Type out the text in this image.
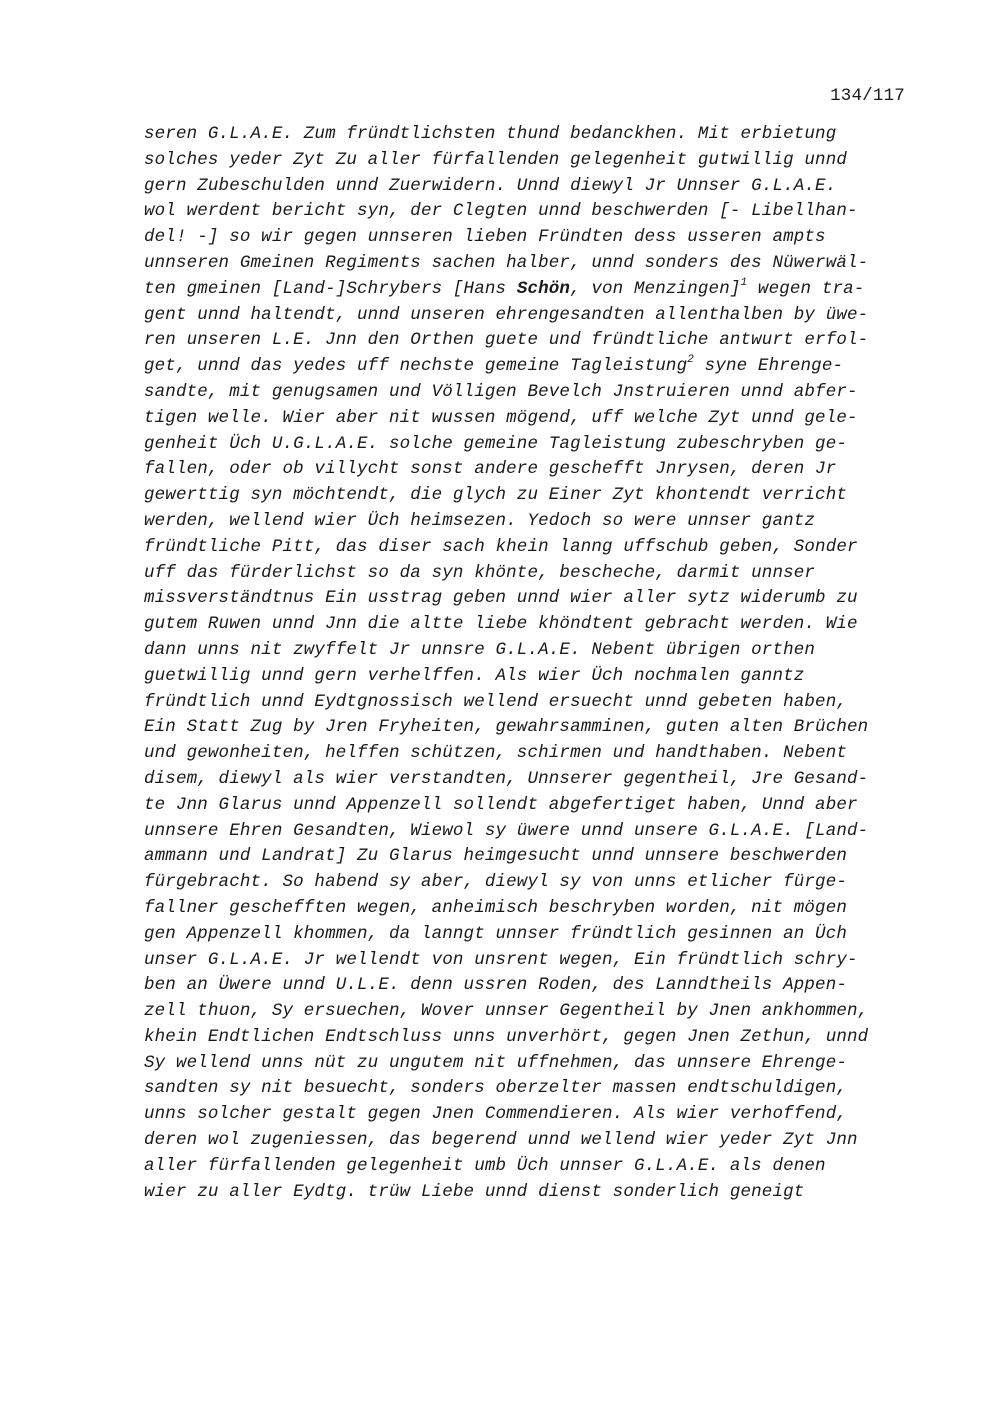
134/117
seren G.L.A.E. Zum fründtlichsten thund bedanckhen. Mit erbietung
solches yeder Zyt Zu aller fürfallenden gelegenheit gutwillig unnd
gern Zubeschulden unnd Zuerwidern. Unnd diewyl Jr Unnser G.L.A.E.
wol werdent bericht syn, der Clegten unnd beschwerden [- Libellhan-
del! -] so wir gegen unnseren lieben Fründten dess usseren ampts
unnseren Gmeinen Regiments sachen halber, unnd sonders des Nüwerwäl-
ten gmeinen [Land-]Schrybers [Hans Schön, von Menzingen]$^1$ wegen tra-
gent unnd haltendt, unnd unseren ehrengesandten allenthalben by üwe-
ren unseren L.E. Jnn den Orthen guete und fründtliche antwurt erfol-
get, unnd das yedes uff nechste gemeine Tagleistung$^2$ syne Ehrenge-
sandte, mit genugsamen und Völligen Bevelch Jnstruieren unnd abfer-
tigen welle. Wier aber nit wussen mögend, uff welche Zyt unnd gele-
genheit Üch U.G.L.A.E. solche gemeine Tagleistung zubeschryben ge-
fallen, oder ob villycht sonst andere geschefft Jnrysen, deren Jr
gewerttig syn möchtendt, die glych zu Einer Zyt khontendt verricht
werden, wellend wier Üch heimsezen. Yedoch so were unnser gantz
fründtliche Pitt, das diser sach khein lanng uffschub geben, Sonder
uff das fürderlichst so da syn khönte, bescheche, darmit unnser
missverständtnus Ein usstrag geben unnd wier aller sytz widerumb zu
gutem Ruwen unnd Jnn die altte liebe khöndtent gebracht werden. Wie
dann unns nit zwyffelt Jr unnsre G.L.A.E. Nebent übrigen orthen
guetwillig unnd gern verhelffen. Als wier Üch nochmalen ganntz
fründtlich unnd Eydtgnossisch wellend ersuecht unnd gebeten haben,
Ein Statt Zug by Jren Fryheiten, gewahrsamminen, guten alten Brüchen
und gewonheiten, helffen schützen, schirmen und handthaben. Nebent
disem, diewyl als wier verstandten, Unnserer gegentheil, Jre Gesand-
te Jnn Glarus unnd Appenzell sollendt abgefertiget haben, Unnd aber
unnsere Ehren Gesandten, Wiewol sy üwere unnd unsere G.L.A.E. [Land-
ammann und Landrat] Zu Glarus heimgesucht unnd unnsere beschwerden
fürgebracht. So habend sy aber, diewyl sy von unns etlicher fürge-
fallner geschefften wegen, anheimisch beschryben worden, nit mögen
gen Appenzell khommen, da lanngt unnser fründtlich gesinnen an Üch
unser G.L.A.E. Jr wellendt von unsrent wegen, Ein fründtlich schry-
ben an Üwere unnd U.L.E. denn ussren Roden, des Lanndtheils Appen-
zell thuon, Sy ersuechen, Wover unnser Gegentheil by Jnen ankhommen,
khein Endtlichen Endtschluss unns unverhört, gegen Jnen Zethun, unnd
Sy wellend unns nüt zu ungutem nit uffnehmen, das unnsere Ehrenge-
sandten sy nit besuecht, sonders oberzelter massen endtschuldigen,
unns solcher gestalt gegen Jnen Commendieren. Als wier verhoffend,
deren wol zugeniessen, das begerend unnd wellend wier yeder Zyt Jnn
aller fürfallenden gelegenheit umb Üch unnser G.L.A.E. als denen
wier zu aller Eydtg. trüw Liebe unnd dienst sonderlich geneigt
